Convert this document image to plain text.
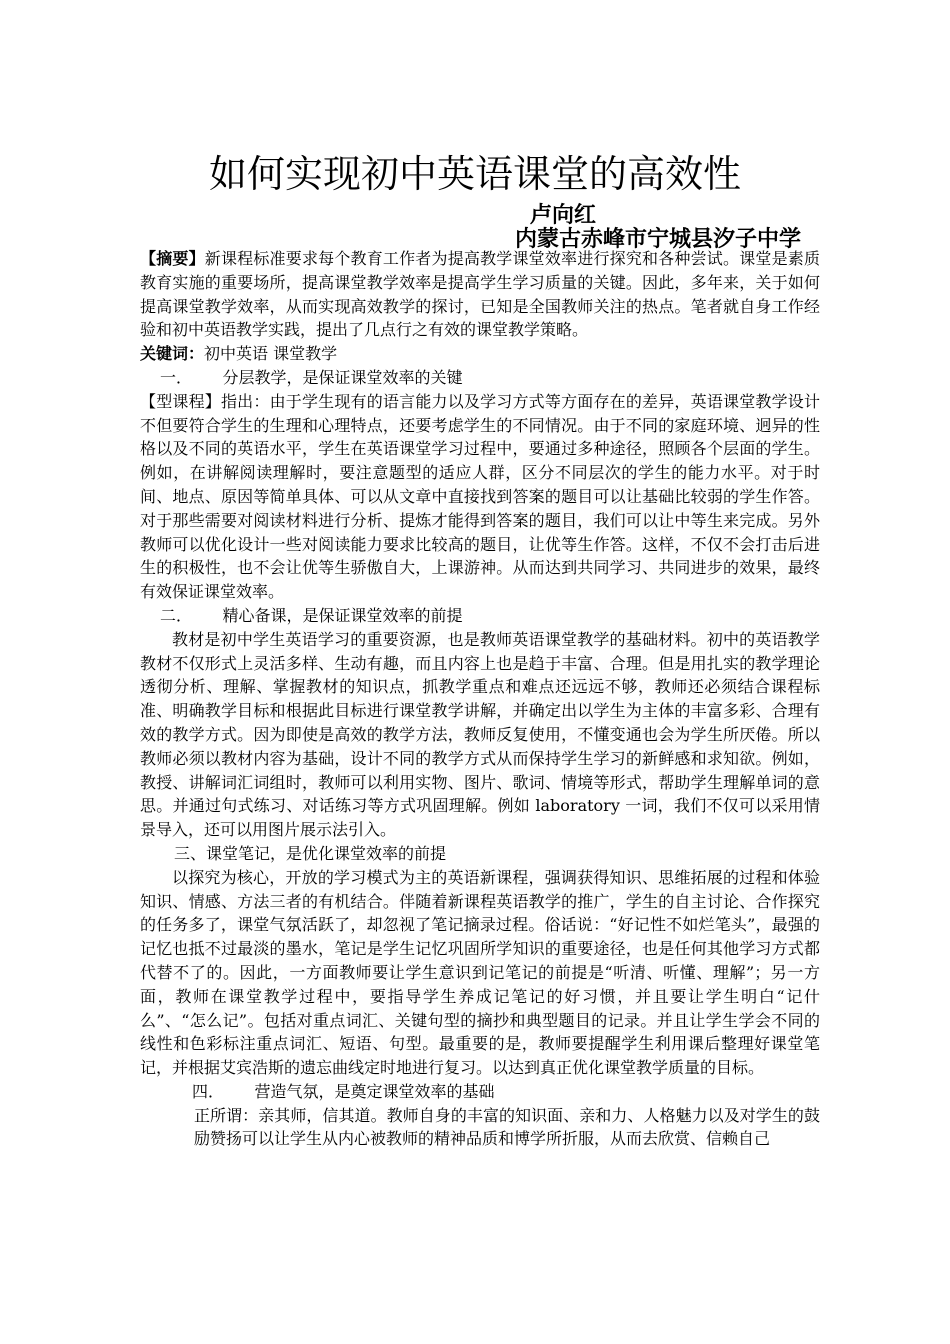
如何实现初中英语课堂的高效性
卢向红
内蒙古赤峰市宁城县汐子中学

【摘要】新课程标准要求每个教育工作者为提高教学课堂效率进行探究和各种尝试。课堂是素质教育实施的重要场所，提高课堂教学效率是提高学生学习质量的关键。因此，多年来，关于如何提高课堂教学效率，从而实现高效教学的探讨，已知是全国教师关注的热点。笔者就自身工作经验和初中英语教学实践，提出了几点行之有效的课堂教学策略。

关键词：初中英语 课堂教学

一．      分层教学，是保证课堂效率的关键

【型课程】指出：由于学生现有的语言能力以及学习方式等方面存在的差异，英语课堂教学设计不但要符合学生的生理和心理特点，还要考虑学生的不同情况。由于不同的家庭环境、迥异的性格以及不同的英语水平，学生在英语课堂学习过程中，要通过多种途径，照顾各个层面的学生。例如，在讲解阅读理解时，要注意题型的适应人群，区分不同层次的学生的能力水平。对于时间、地点、原因等简单具体、可以从文章中直接找到答案的题目可以让基础比较弱的学生作答。对于那些需要对阅读材料进行分析、提炼才能得到答案的题目，我们可以让中等生来完成。另外教师可以优化设计一些对阅读能力要求比较高的题目，让优等生作答。这样，不仅不会打击后进生的积极性，也不会让优等生骄傲自大，上课游神。从而达到共同学习、共同进步的效果，最终有效保证课堂效率。

二．      精心备课，是保证课堂效率的前提

教材是初中学生英语学习的重要资源，也是教师英语课堂教学的基础材料。初中的英语教学教材不仅形式上灵活多样、生动有趣，而且内容上也是趋于丰富、合理。但是用扎实的教学理论透彻分析、理解、掌握教材的知识点，抓教学重点和难点还远远不够，教师还必须结合课程标准、明确教学目标和根据此目标进行课堂教学讲解，并确定出以学生为主体的丰富多彩、合理有效的教学方式。因为即使是高效的教学方法，教师反复使用，不懂变通也会为学生所厌倦。所以教师必须以教材内容为基础，设计不同的教学方式从而保持学生学习的新鲜感和求知欲。例如，教授、讲解词汇词组时，教师可以利用实物、图片、歌词、情境等形式，帮助学生理解单词的意思。并通过句式练习、对话练习等方式巩固理解。例如 laboratory 一词，我们不仅可以采用情景导入，还可以用图片展示法引入。

三、课堂笔记，是优化课堂效率的前提

以探究为核心，开放的学习模式为主的英语新课程，强调获得知识、思维拓展的过程和体验知识、情感、方法三者的有机结合。伴随着新课程英语教学的推广，学生的自主讨论、合作探究的任务多了，课堂气氛活跃了，却忽视了笔记摘录过程。俗话说：“好记性不如烂笔头”，最强的记忆也抵不过最淡的墨水，笔记是学生记忆巩固所学知识的重要途径，也是任何其他学习方式都代替不了的。因此，一方面教师要让学生意识到记笔记的前提是“听清、听懂、理解”；另一方面，教师在课堂教学过程中，要指导学生养成记笔记的好习惯，并且要让学生明白“记什么”、“怎么记”。包括对重点词汇、关键句型的摘抄和典型题目的记录。并且让学生学会不同的线性和色彩标注重点词汇、短语、句型。最重要的是，教师要提醒学生利用课后整理好课堂笔记，并根据艾宾浩斯的遗忘曲线定时地进行复习。以达到真正优化课堂教学质量的目标。

四．      营造气氛，是奠定课堂效率的基础

正所谓：亲其师，信其道。教师自身的丰富的知识面、亲和力、人格魅力以及对学生的鼓励赞扬可以让学生从内心被教师的精神品质和博学所折服，从而去欣赏、信赖自己
